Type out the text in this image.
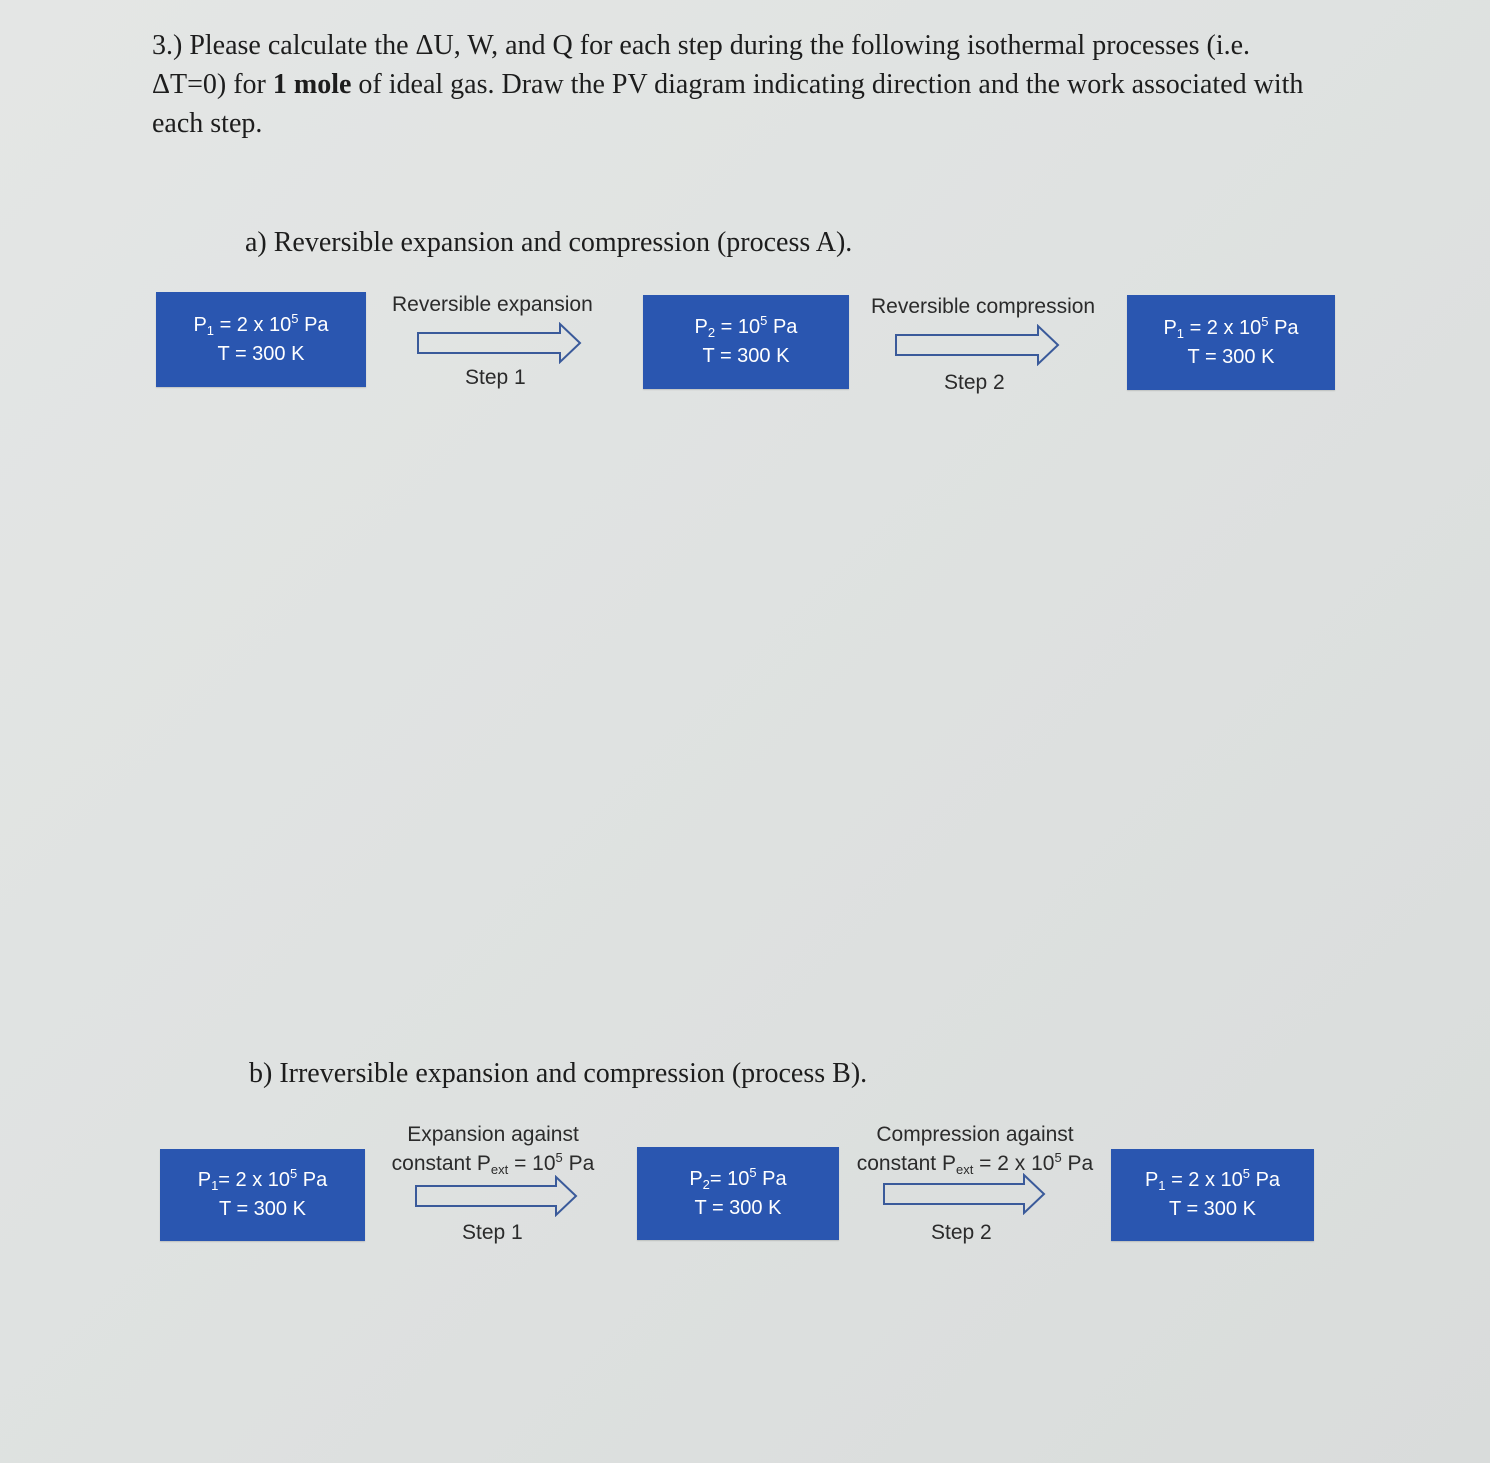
3.) Please calculate the ΔU, W, and Q for each step during the following isothermal processes (i.e. ΔT=0) for 1 mole of ideal gas. Draw the PV diagram indicating direction and the work associated with each step.
a) Reversible expansion and compression (process A).
$P_1 = 2$ x $10^5$ Pa
T = 300 K
Reversible expansion
Step 1
$P_2 = 10^5$ Pa
T = 300 K
Reversible compression
Step 2
$P_1 = 2$ x $10^5$ Pa
T = 300 K
b) Irreversible expansion and compression (process B).
$P_1= 2$ x $10^5$ Pa
T = 300 K
Expansion against
constant $P_{ext} = 10^5$ Pa
Step 1
$P_2= 10^5$ Pa
T = 300 K
Compression against
constant $P_{ext} = 2$ x $10^5$ Pa
Step 2
$P_1 = 2$ x $10^5$ Pa
T = 300 K
